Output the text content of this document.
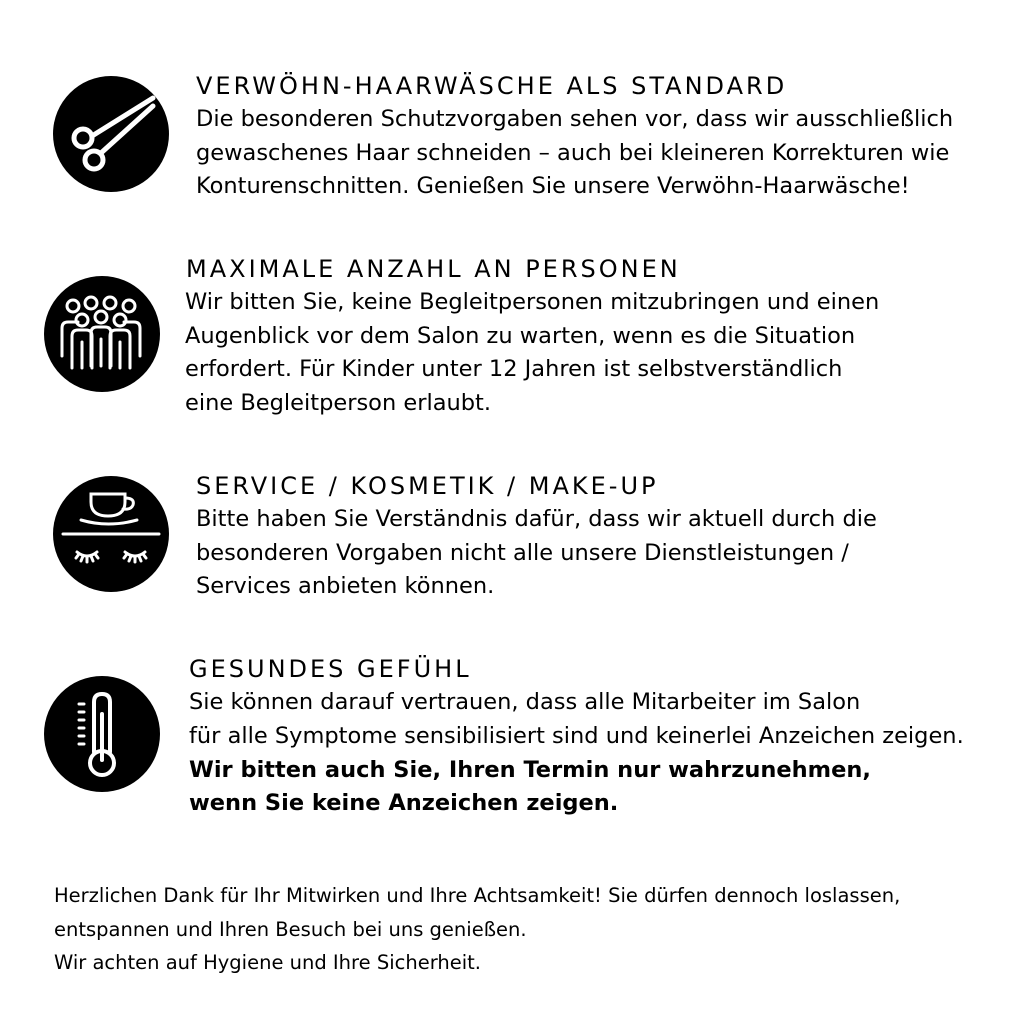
VERWÖHN-HAARWÄSCHE ALS STANDARD
Die besonderen Schutzvorgaben sehen vor, dass wir ausschließlich
gewaschenes Haar schneiden – auch bei kleineren Korrekturen wie
Konturenschnitten. Genießen Sie unsere Verwöhn-Haarwäsche!
MAXIMALE ANZAHL AN PERSONEN
Wir bitten Sie, keine Begleitpersonen mitzubringen und einen
Augenblick vor dem Salon zu warten, wenn es die Situation
erfordert. Für Kinder unter 12 Jahren ist selbstverständlich
eine Begleitperson erlaubt.
SERVICE / KOSMETIK / MAKE-UP
Bitte haben Sie Verständnis dafür, dass wir aktuell durch die
besonderen Vorgaben nicht alle unsere Dienstleistungen /
Services anbieten können.
GESUNDES GEFÜHL
Sie können darauf vertrauen, dass alle Mitarbeiter im Salon
für alle Symptome sensibilisiert sind und keinerlei Anzeichen zeigen.
Wir bitten auch Sie, Ihren Termin nur wahrzunehmen,
wenn Sie keine Anzeichen zeigen.
Herzlichen Dank für Ihr Mitwirken und Ihre Achtsamkeit! Sie dürfen dennoch loslassen,
entspannen und Ihren Besuch bei uns genießen.
Wir achten auf Hygiene und Ihre Sicherheit.
